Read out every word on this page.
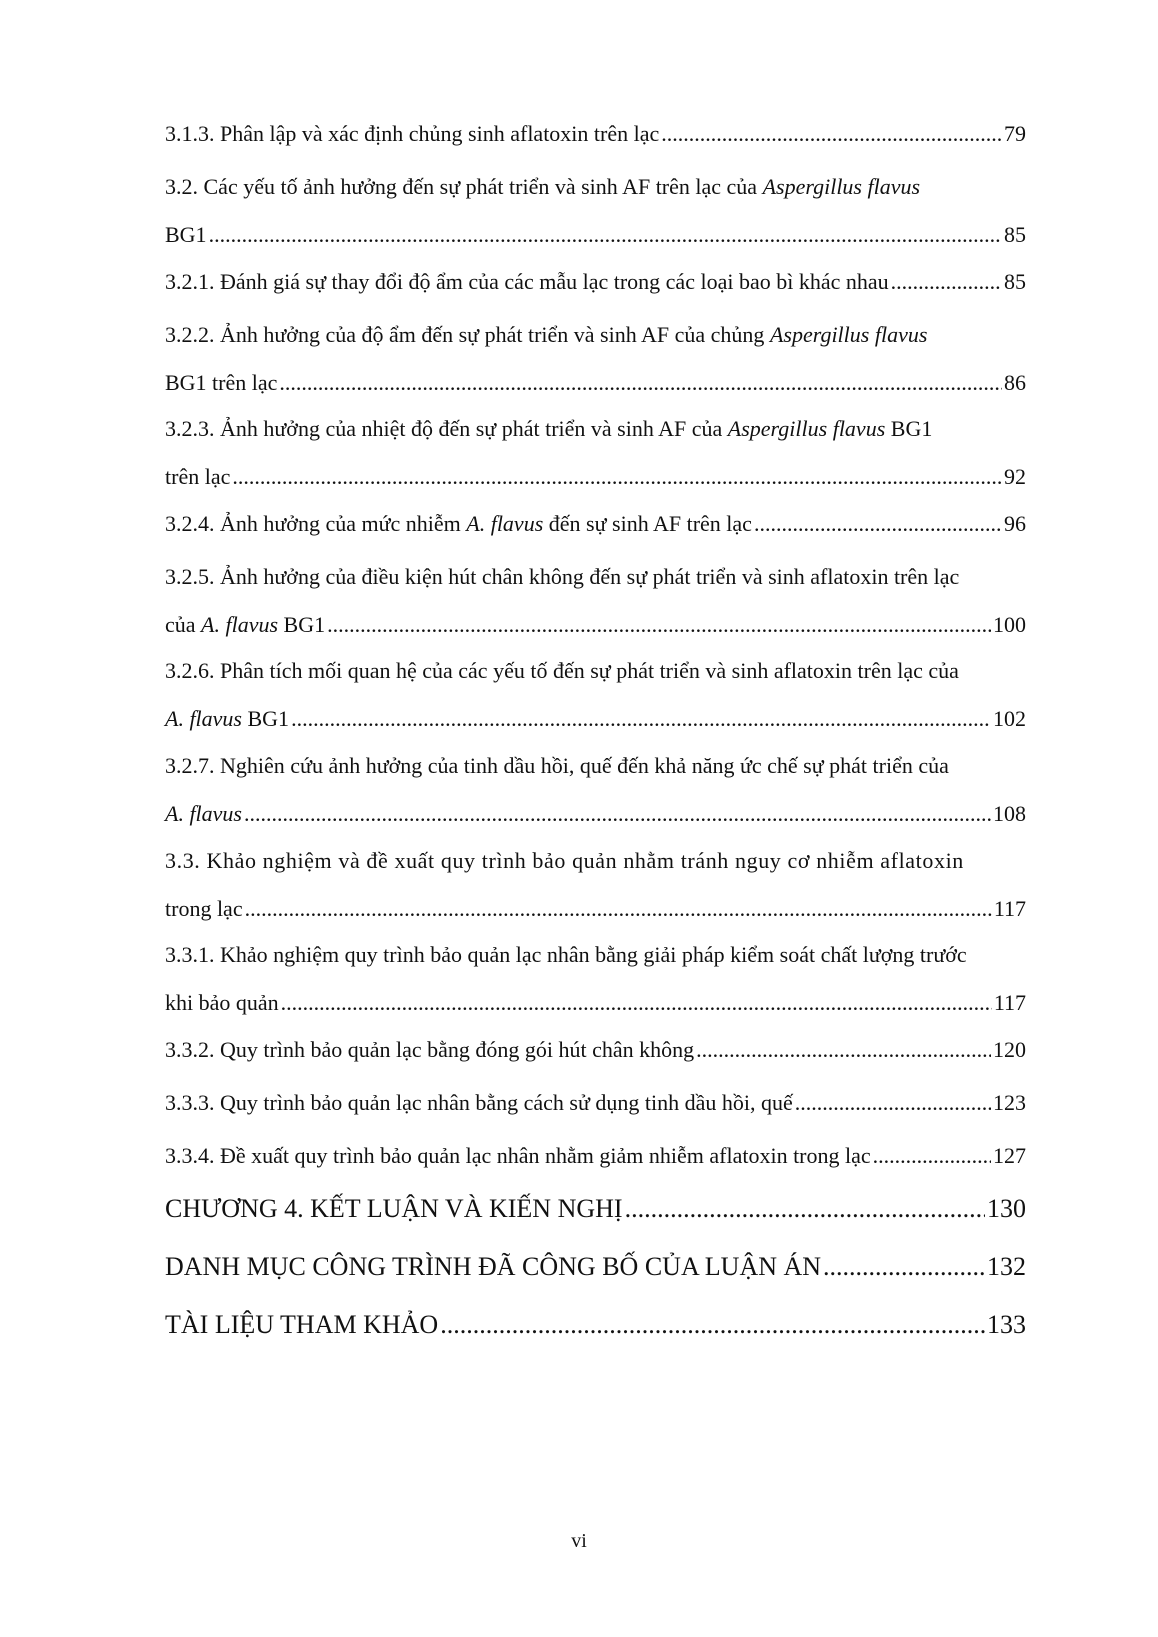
3.1.3. Phân lập và xác định chủng sinh aflatoxin trên lạc .....	79
3.2. Các yếu tố ảnh hưởng đến sự phát triển và sinh AF trên lạc của Aspergillus flavus
BG1 .....	85
3.2.1. Đánh giá sự thay đổi độ ẩm của các mẫu lạc trong các loại bao bì khác nhau .....	85
3.2.2. Ảnh hưởng của độ ẩm đến sự phát triển và sinh AF của chủng Aspergillus flavus
BG1 trên lạc .....	86
3.2.3. Ảnh hưởng của nhiệt độ đến sự phát triển và sinh AF của Aspergillus flavus BG1
trên lạc .....	92
3.2.4. Ảnh hưởng của mức nhiễm A. flavus đến sự sinh AF trên lạc .....	96
3.2.5. Ảnh hưởng của điều kiện hút chân không đến sự phát triển và sinh aflatoxin trên lạc
của A. flavus BG1 .....	100
3.2.6. Phân tích mối quan hệ của các yếu tố đến sự phát triển và sinh aflatoxin trên lạc của
A. flavus BG1 .....	102
3.2.7. Nghiên cứu ảnh hưởng của tinh dầu hồi, quế đến khả năng ức chế sự phát triển của
A. flavus .....	108
3.3. Khảo nghiệm và đề xuất quy trình bảo quản nhằm tránh nguy cơ nhiễm aflatoxin
trong lạc .....	117
3.3.1. Khảo nghiệm quy trình bảo quản lạc nhân bằng giải pháp kiểm soát chất lượng trước
khi bảo quản .....	117
3.3.2. Quy trình bảo quản lạc bằng đóng gói hút chân không .....	120
3.3.3. Quy trình bảo quản lạc nhân bằng cách sử dụng tinh dầu hồi, quế .....	123
3.3.4. Đề xuất quy trình bảo quản lạc nhân nhằm giảm nhiễm aflatoxin trong lạc .....	127
CHƯƠNG 4. KẾT LUẬN VÀ KIẾN NGHỊ .....	130
DANH MỤC CÔNG TRÌNH ĐÃ CÔNG BỐ CỦA LUẬN ÁN .....	132
TÀI LIỆU THAM KHẢO .....	133
vi
